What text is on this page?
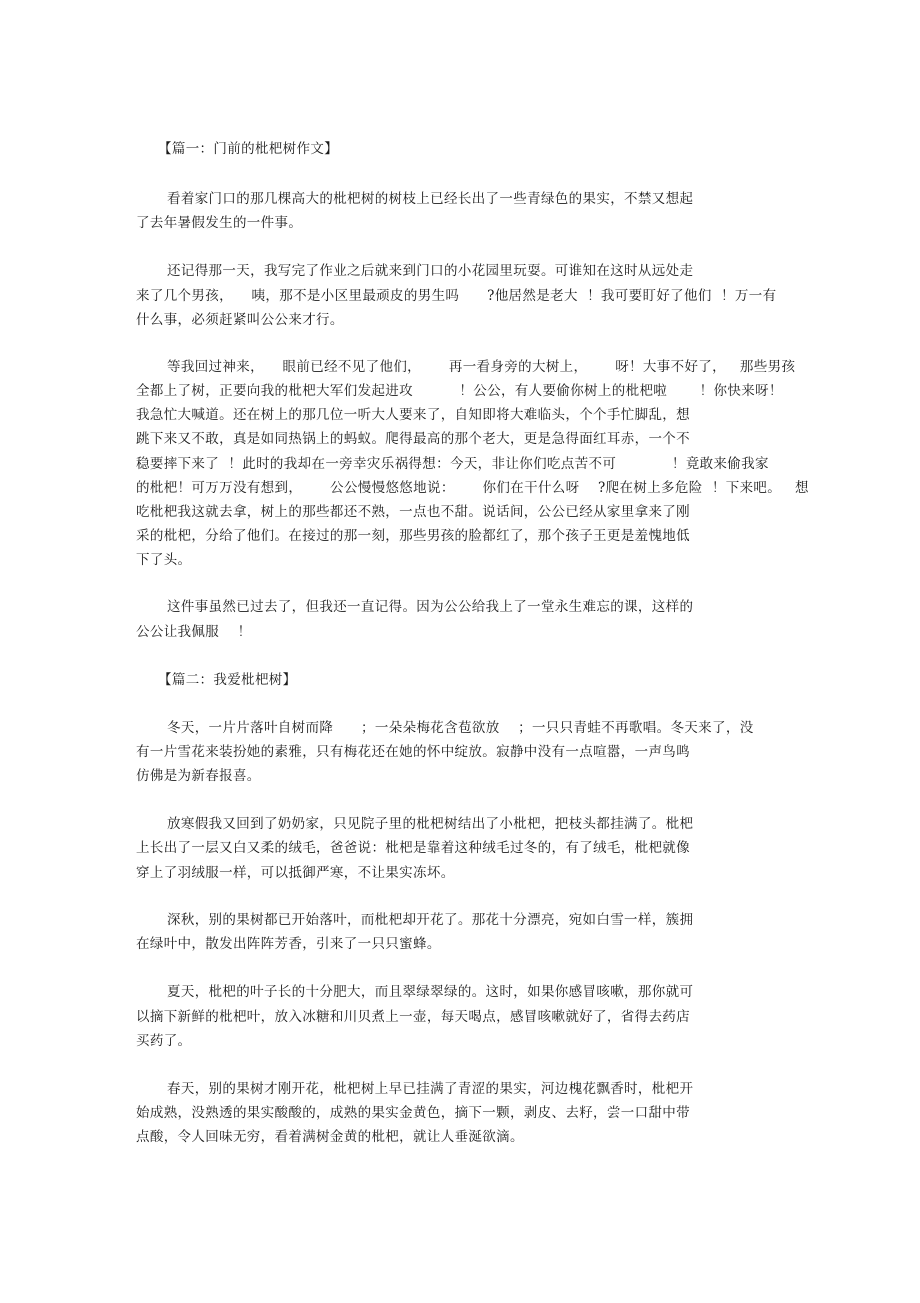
【篇一：门前的枇杷树作文】
看着家门口的那几棵高大的枇杷树的树枝上已经长出了一些青绿色的果实，不禁又想起
了去年暑假发生的一件事。
还记得那一天，我写完了作业之后就来到门口的小花园里玩耍。可谁知在这时从远处走
来了几个男孩，    咦，那不是小区里最顽皮的男生吗      ?他居然是老大  ！我可要盯好了他们  ！万一有
什么事，必须赶紧叫公公来才行。
等我回过神来，    眼前已经不见了他们，      再一看身旁的大树上，      呀！大事不好了，   那些男孩
全都上了树，正要向我的枇杷大军们发起进攻          ！公公，有人要偷你树上的枇杷啦       ！你快来呀！
我急忙大喊道。还在树上的那几位一听大人要来了，自知即将大难临头，个个手忙脚乱，想
跳下来又不敢，真是如同热锅上的蚂蚁。爬得最高的那个老大，更是急得面红耳赤，一个不
稳要摔下来了  ！此时的我却在一旁幸灾乐祸得想：今天，非让你们吃点苦不可            ！竟敢来偷我家
的枇杷！可万万没有想到，      公公慢慢悠悠地说：      你们在干什么呀    ?爬在树上多危险  ！下来吧。   想
吃枇杷我这就去拿，树上的那些都还不熟，一点也不甜。说话间，公公已经从家里拿来了刚
采的枇杷，分给了他们。在接过的那一刻，那些男孩的脸都红了，那个孩子王更是羞愧地低
下了头。
这件事虽然已过去了，但我还一直记得。因为公公给我上了一堂永生难忘的课，这样的
公公让我佩服    ！
【篇二：我爱枇杷树】
冬天，一片片落叶自树而降      ；一朵朵梅花含苞欲放    ；一只只青蛙不再歌唱。冬天来了，没
有一片雪花来装扮她的素雅，只有梅花还在她的怀中绽放。寂静中没有一点喧嚣，一声鸟鸣
仿佛是为新春报喜。
放寒假我又回到了奶奶家，只见院子里的枇杷树结出了小枇杷，把枝头都挂满了。枇杷
上长出了一层又白又柔的绒毛，爸爸说：枇杷是靠着这种绒毛过冬的，有了绒毛，枇杷就像
穿上了羽绒服一样，可以抵御严寒，不让果实冻坏。
深秋，别的果树都已开始落叶，而枇杷却开花了。那花十分漂亮，宛如白雪一样，簇拥
在绿叶中，散发出阵阵芳香，引来了一只只蜜蜂。
夏天，枇杷的叶子长的十分肥大，而且翠绿翠绿的。这时，如果你感冒咳嗽，那你就可
以摘下新鲜的枇杷叶，放入冰糖和川贝煮上一壶，每天喝点，感冒咳嗽就好了，省得去药店
买药了。
春天，别的果树才刚开花，枇杷树上早已挂满了青涩的果实，河边槐花飘香时，枇杷开
始成熟，没熟透的果实酸酸的，成熟的果实金黄色，摘下一颗，剥皮、去籽，尝一口甜中带
点酸，令人回味无穷，看着满树金黄的枇杷，就让人垂涎欲滴。
